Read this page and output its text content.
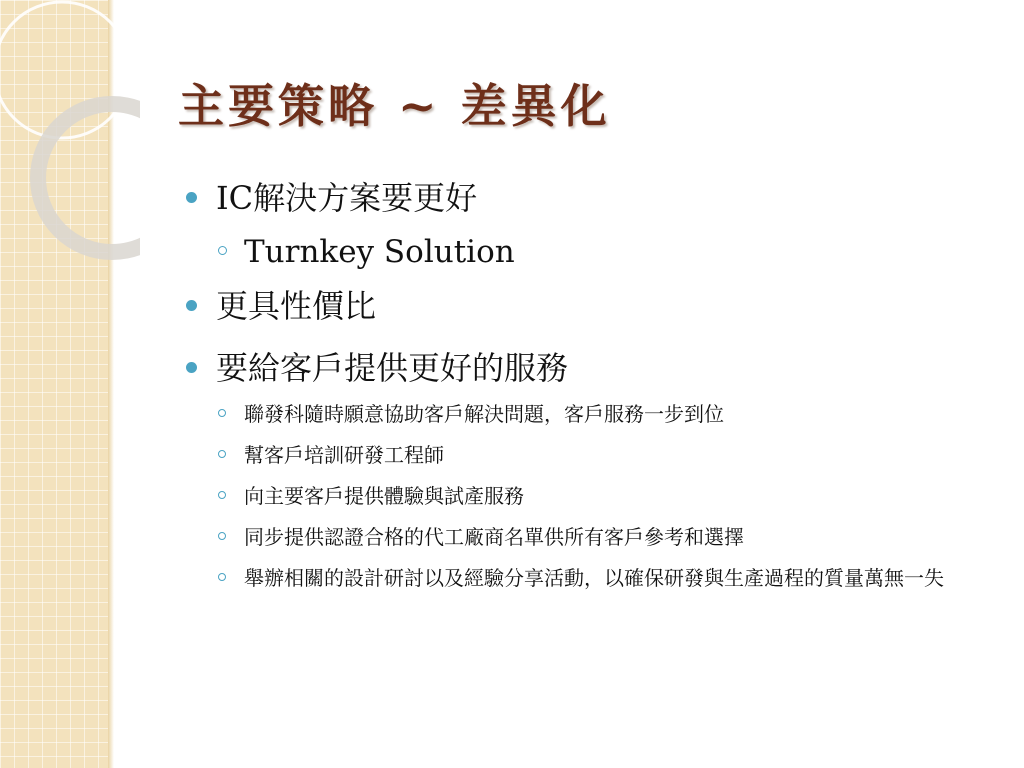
主要策略 ~ 差異化
IC解決方案要更好
Turnkey Solution
更具性價比
要給客戶提供更好的服務
聯發科隨時願意協助客戶解決問題，客戶服務一步到位
幫客戶培訓研發工程師
向主要客戶提供體驗與試產服務
同步提供認證合格的代工廠商名單供所有客戶參考和選擇
舉辦相關的設計研討以及經驗分享活動，以確保研發與生產過程的質量萬無一失
